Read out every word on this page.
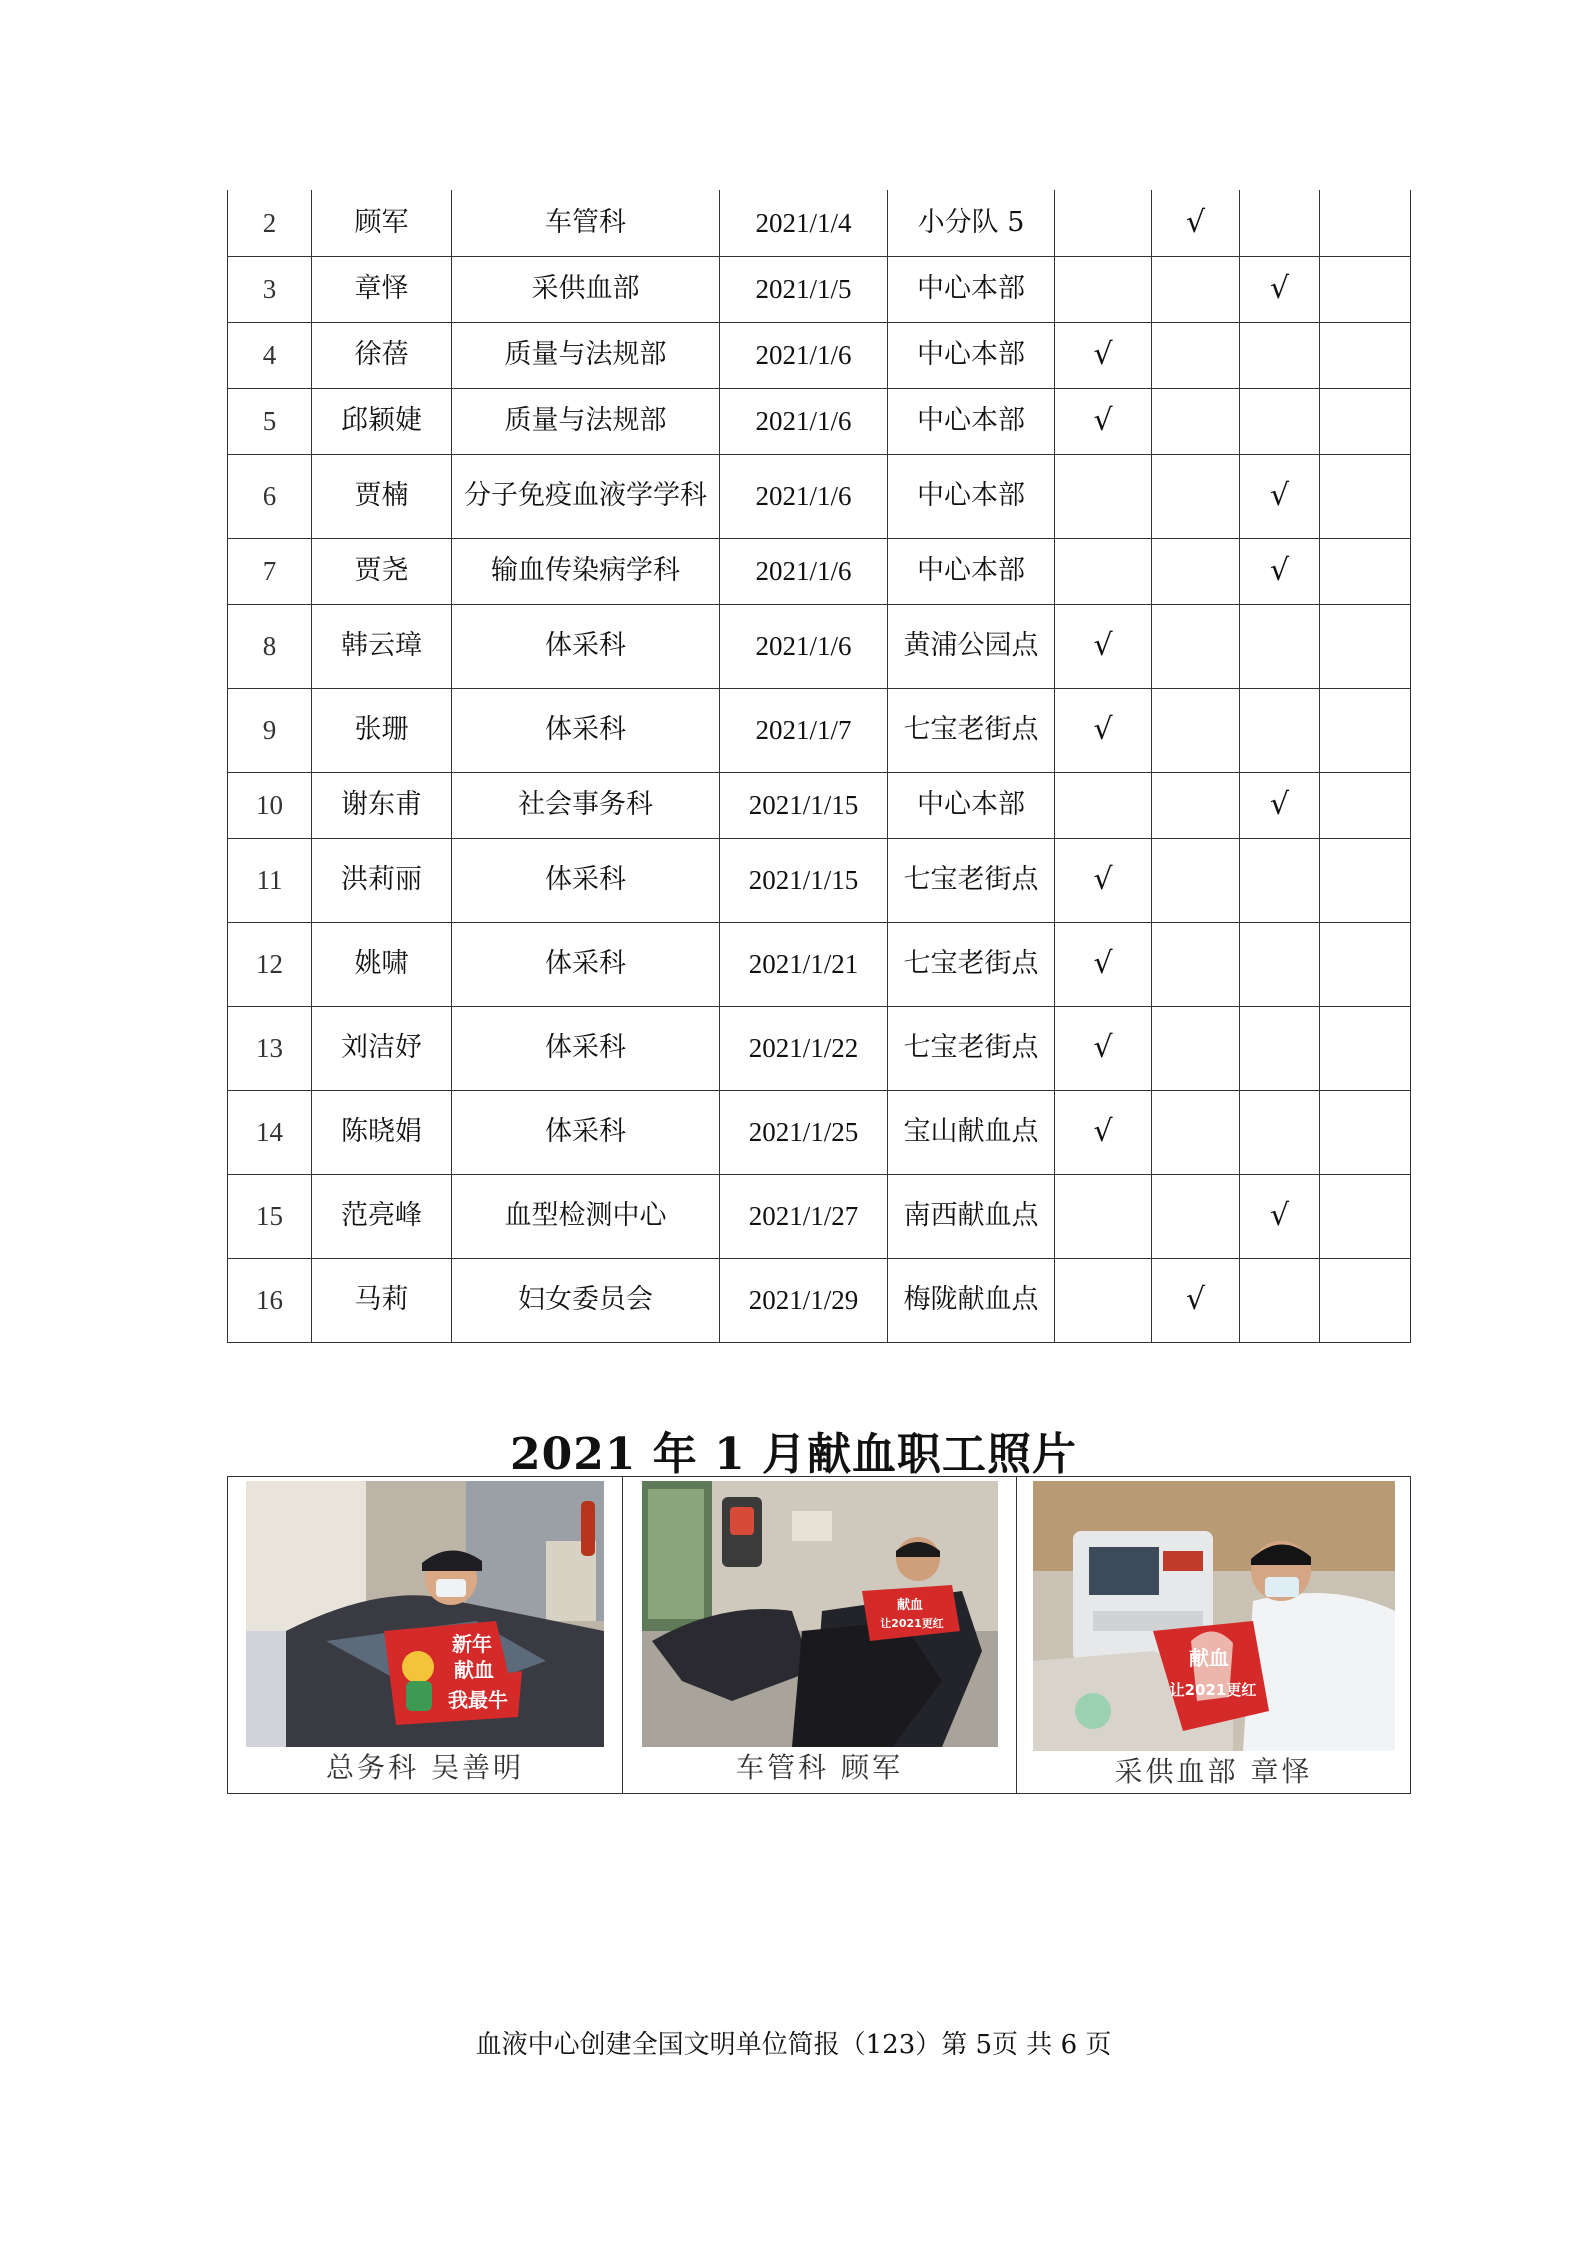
2	顾军	车管科	2021/1/4	小分队 5		√		
3	章怿	采供血部	2021/1/5	中心本部			√	
4	徐蓓	质量与法规部	2021/1/6	中心本部	√			
5	邱颖婕	质量与法规部	2021/1/6	中心本部	√			
6	贾楠	分子免疫血液学学科	2021/1/6	中心本部			√	
7	贾尧	输血传染病学科	2021/1/6	中心本部			√	
8	韩云璋	体采科	2021/1/6	黄浦公园点	√			
9	张珊	体采科	2021/1/7	七宝老街点	√			
10	谢东甫	社会事务科	2021/1/15	中心本部			√	
11	洪莉丽	体采科	2021/1/15	七宝老街点	√			
12	姚啸	体采科	2021/1/21	七宝老街点	√			
13	刘洁妤	体采科	2021/1/22	七宝老街点	√			
14	陈晓娟	体采科	2021/1/25	宝山献血点	√			
15	范亮峰	血型检测中心	2021/1/27	南西献血点			√	
16	马莉	妇女委员会	2021/1/29	梅陇献血点		√		
2021 年 1 月献血职工照片
新年
献血
我最牛
总务科 吴善明

献血
让2021更红
车管科 顾军

献血
让2021更红
采供血部 章怿
血液中心创建全国文明单位简报（123）第 5页 共 6 页
